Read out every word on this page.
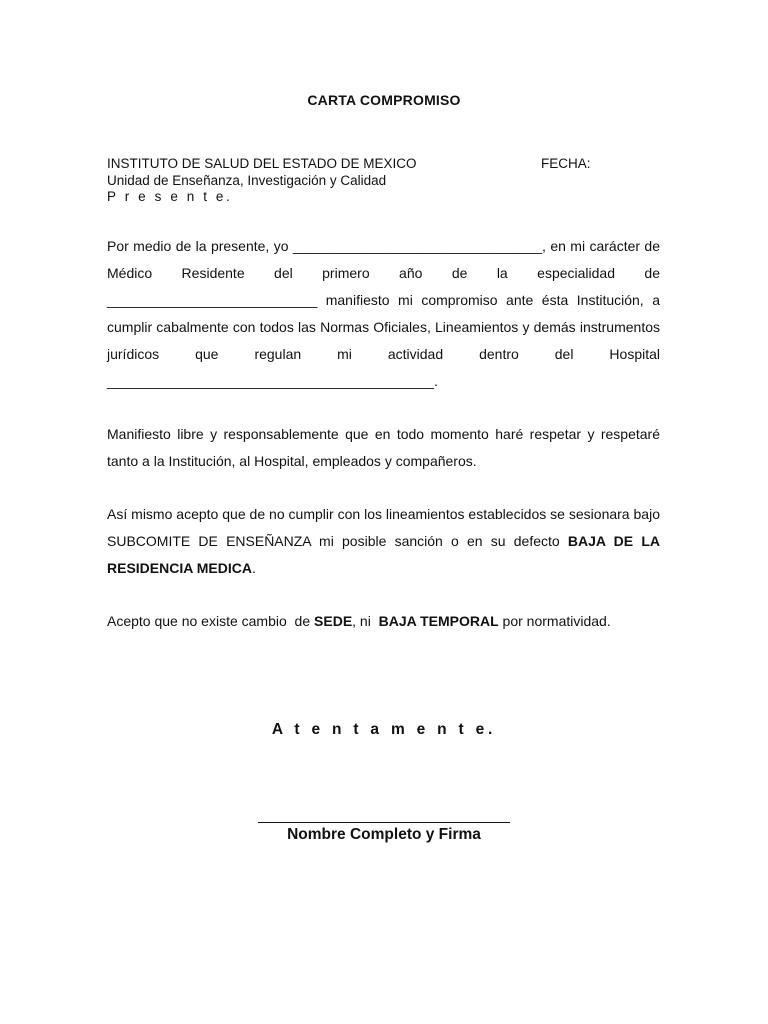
CARTA COMPROMISO
INSTITUTO DE SALUD DEL ESTADO DE MEXICO	FECHA:
Unidad de Enseñanza, Investigación y Calidad
P r e s e n t e.

Por medio de la presente, yo ________________________________, en mi carácter de Médico Residente del primero año de la especialidad de ___________________________ manifiesto mi compromiso ante ésta Institución, a cumplir cabalmente con todos las Normas Oficiales, Lineamientos y demás instrumentos jurídicos que regulan mi actividad dentro del Hospital __________________________________________.

Manifiesto libre y responsablemente que en todo momento haré respetar y respetaré tanto a la Institución, al Hospital, empleados y compañeros.

Así mismo acepto que de no cumplir con los lineamientos establecidos se sesionara bajo SUBCOMITE DE ENSEÑANZA mi posible sanción o en su defecto BAJA DE LA RESIDENCIA MEDICA.

Acepto que no existe cambio  de SEDE, ni  BAJA TEMPORAL por normatividad.

A t e n t a m e n t e.
Nombre Completo y Firma
